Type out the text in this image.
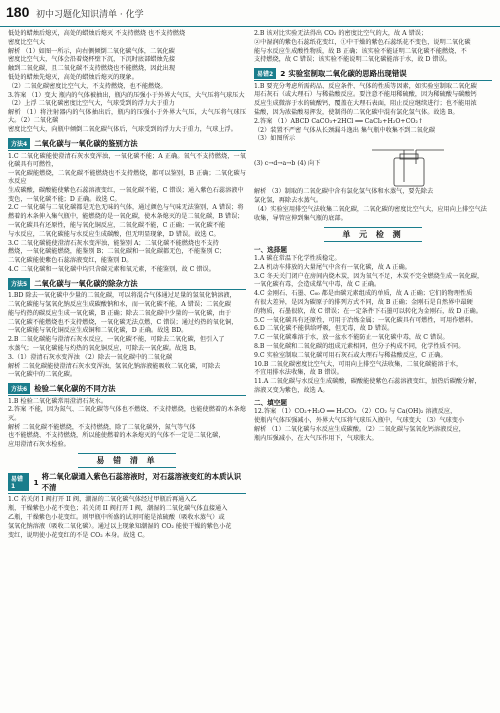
180 初中习题化知识清单 · 化学

低处的蜡烛后熄灭，高处的蜡烛后熄灭 不支持燃烧 也不支持燃烧

密度比空气大

解析 （1）如图一所示，向右侧倾倒二氧化碳气体，二氧化碳

密度比空气大，气体会沿着烧杯壁下沉，下沉时底部蜡烛先接

触到二氧化碳，且二氧化碳不支持燃烧也不能燃烧，因此出现

低处的蜡烛先熄灭，高处的蜡烛后熄灭的现象。

（2）二氧化碳密度比空气大，不支持燃烧，也不能燃烧。

3.答案 （1）变大 瓶内的气体被抽出，瓶内的压强小于外界大气压，大气压将气球压大

（2）上浮 二氧化碳密度比空气大，气球受到的浮力大于重力

解析 （1）将注射器内的气体抽出后，瓶内的压强小于外界大气压，大气压将气球压大。（2）二氧化碳

密度比空气大，向瓶中倾倒二氧化碳气体后，气球受到的浮力大于重力，气球上浮。

方法4 二氧化碳与一氧化碳的鉴别方法

1.C 二氧化碳能使澄清石灰水变浑浊，一氧化碳不能；A 正确。氧气不支持燃烧，一氧化碳具有可燃性，

一氧化碳能燃烧，二氧化碳不能燃烧也不支持燃烧，都可以鉴别，B 正确；二氧化碳与水反应

生成碳酸，碳酸能使紫色石蕊溶液变红，一氧化碳不能，C 错误；通入紫色石蕊溶液中

变色，一氧化碳不能；D 正确。故选 C。

2.C 一氧化碳与二氧化碳都是无色无味的气体，通过颜色与气味无法鉴别，A 错误；将

燃着的木条伸入集气瓶中，能燃烧的是一氧化碳，使木条熄灭的是二氧化碳，B 错误；

一氧化碳具有还原性，能与氧化铜反应，二氧化碳不能，C 正确；一氧化碳不能

与水反应，二氧化碳能与水反应生成碳酸，但无明显现象，D 错误。故选 C。

3.C 二氧化碳能使澄清石灰水变浑浊，能鉴别 A；二氧化碳不能燃烧也不支持

燃烧，一氧化碳能燃烧，能鉴别 B；二氧化碳和一氧化碳都无色，不能鉴别 C；

二氧化碳能使紫色石蕊溶液变红，能鉴别 D。

4.C 二氧化碳和一氧化碳中均只含碳元素和氧元素，不能鉴别，故 C 错误。

方法5 二氧化碳与一氧化碳的除杂方法

1.BD 除去一氧化碳中少量的二氧化碳，可以将混合气体通过足量的氢氧化钠溶液，

二氧化碳能与氢氧化钠反应生成碳酸钠和水，而一氧化碳不能，A 错误；二氧化碳

能与灼热的碳反应生成一氧化碳，B 正确；除去二氧化碳中少量的一氧化碳，由于

二氧化碳不能燃烧也不支持燃烧，一氧化碳无法点燃，C 错误；通过灼热的氧化铜，

一氧化碳能与氧化铜反应生成铜和二氧化碳，D 正确。故选 BD。

2.B 二氧化碳能与澄清石灰水反应，一氧化碳不能，可除去二氧化碳，但引入了

水蒸气；一氧化碳能与灼热的氧化铜反应，可除去一氧化碳。故选 B。

3.（1）澄清石灰水变浑浊 （2）除去一氧化碳中的二氧化碳

解析 二氧化碳能使澄清石灰水变浑浊，氢氧化钠溶液能吸收二氧化碳，可除去

一氧化碳中的二氧化碳。

方法6 检验二氧化碳的不同方法

1.B 检验二氧化碳常用澄清石灰水。

2.答案 不能，因为氮气、二氧化碳等气体也不燃烧、不支持燃烧，也能使燃着的木条熄灭。

解析 二氧化碳不能燃烧，不支持燃烧，除了二氧化碳外，氮气等气体

也不能燃烧、不支持燃烧，所以能使燃着的木条熄灭的气体不一定是二氧化碳，

应用澄清石灰水检验。

易 错 清 单
易错1	1
将二氧化碳通入紫色石蕊溶液时，对石蕊溶液变红的本质认识不清

1.C 若关闭 I 阀打开 II 阀，潮湿的二氧化碳气体经过甲瓶后再通入乙

瓶，干燥紫色小花不变色；若关闭 II 阀打开 I 阀，潮湿的二氧化碳气体直接通入

乙瓶，干燥紫色小花变红。则甲瓶中所盛的试剂可能是浓硫酸（吸收水蒸气）或

氢氧化钠溶液（吸收二氧化碳）。通过以上现象知潮湿的 CO₂ 能使干燥的紫色小花

变红，说明使小花变红的不是 CO₂ 本身。故选 C。

2.B 该对比实验无法得出 CO₂ 的密度比空气的大，故 A 错误；

②中湿润的紫色石蕊纸花变红，①中干燥的紫色石蕊纸花不变色，说明二氧化碳

能与水反应生成酸性物质，故 B 正确；该实验不能证明二氧化碳不能燃烧、不

支持燃烧，故 C 错误；该实验不能说明二氧化碳能溶于水，故 D 错误。

易错2 2 实验室制取二氧化碳的思路出现错误

1.B 要充分考虑所需药品、反应条件、气体的性质等因素，如实验室制取二氧化碳

用石灰石（或大理石）与稀盐酸反应。要注意不能用稀硫酸，因为稀硫酸与碳酸钙

反应生成微溶于水的硫酸钙，覆盖在大理石表面，阻止反应继续进行；也不能用浓

盐酸，因为浓盐酸易挥发，使制得的二氧化碳中混有氯化氢气体。故选 B。

2.答案 （1）ABCD CaCO₃+2HCl ══ CaCl₂+H₂O+CO₂↑

（2）装置不严密 气体从长颈漏斗逸出 集气瓶中收集不到二氧化碳

（3）如图所示

(3) c→d→a→b (4) 向下

解析 （3）制取的二氧化碳中含有氯化氢气体和水蒸气，要先除去

氯化氢，再除去水蒸气。

（4）实验室用排空气法收集二氧化碳，二氧化碳的密度比空气大，应用向上排空气法

收集，导管应伸到集气瓶的底部。

单 元 检 测
一、选择题

1.A 碳在常温下化学性质稳定。

2.A 机动车排放的大量尾气中含有一氧化碳，故 A 正确。

3.C 冬天关门闭户在房间内烧木炭，因为氧气不足，木炭不完全燃烧生成一氧化碳，

一氧化碳有毒，会造成煤气中毒，故 C 正确。

4.C 金刚石、石墨、C₆₀ 都是由碳元素组成的单质，故 A 正确；它们的物理性质

有很大差异，是因为碳原子的排列方式不同，故 B 正确；金刚石是自然界中最硬

的物质，石墨很软，故 C 错误；在一定条件下石墨可以转化为金刚石，故 D 正确。

5.C 一氧化碳具有还原性，可用于冶炼金属；一氧化碳具有可燃性，可用作燃料。

6.D 二氧化碳不能供给呼吸，但无毒，故 D 错误。

7.C 一氧化碳难溶于水，放一盆水不能防止一氧化碳中毒，故 C 错误。

8.B 一氧化碳和二氧化碳的组成元素相同，但分子构成不同，化学性质不同。

9.C 实验室制取二氧化碳可用石灰石或大理石与稀盐酸反应，C 正确。

10.B 二氧化碳密度比空气大，可用向上排空气法收集，二氧化碳能溶于水，

不宜用排水法收集，故 B 错误。

11.A 二氧化碳与水反应生成碳酸，碳酸能使紫色石蕊溶液变红，加热后碳酸分解，

溶液又变为紫色，故选 A。

二、填空题

12.答案 （1）CO₂+H₂O ══ H₂CO₃ （2）CO₂ 与 Ca(OH)₂ 溶液反应，

使瓶内气体压强减小，外界大气压将气球压入瓶中，气球变大 （3）气球变小

解析 （1）二氧化碳与水反应生成碳酸。（2）二氧化碳与氢氧化钙溶液反应，

瓶内压强减小，在大气压作用下，气球胀大。
